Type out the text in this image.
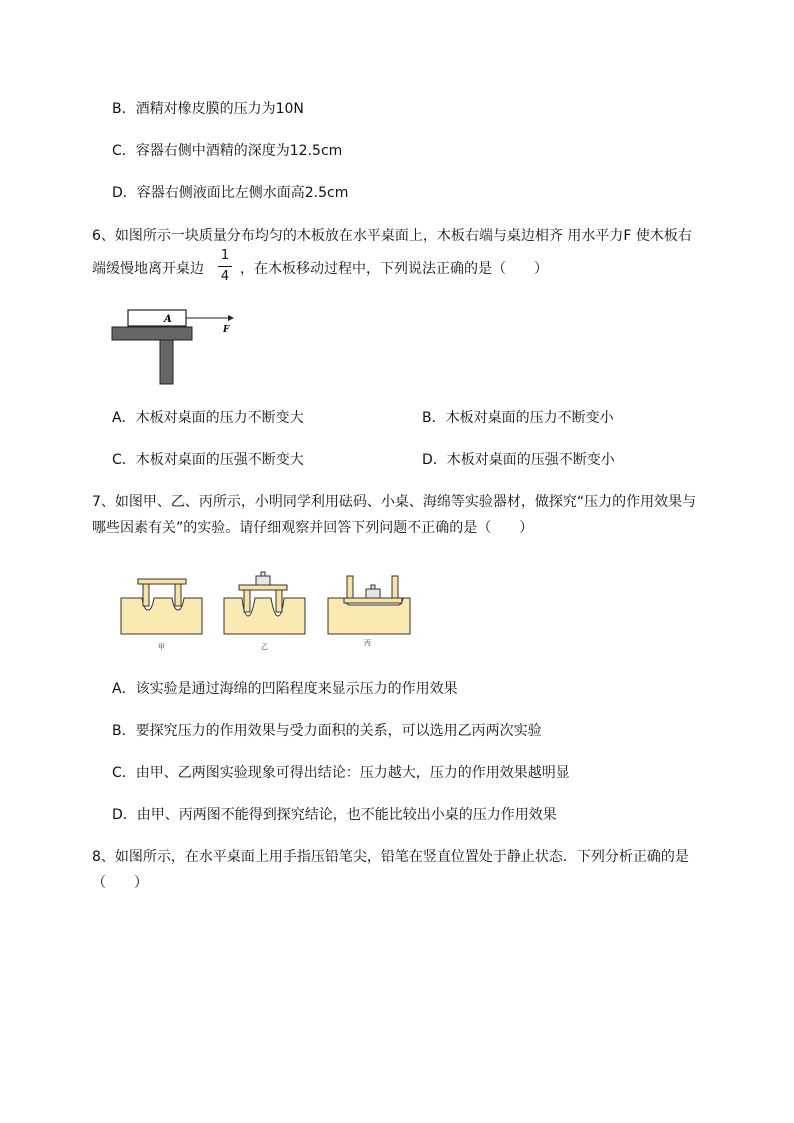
B．酒精对橡皮膜的压力为10N
C．容器右侧中酒精的深度为12.5cm
D．容器右侧液面比左侧水面高2.5cm
6、如图所示一块质量分布均匀的木板放在水平桌面上，木板右端与桌边相齐 用水平力F 使木板右
端缓慢地离开桌边
1
4 ，在木板移动过程中，下列说法正确的是（　　）
A
F
A．木板对桌面的压力不断变大	B．木板对桌面的压力不断变小
C．木板对桌面的压强不断变大	D．木板对桌面的压强不断变小
7、如图甲、乙、丙所示，小明同学利用砝码、小桌、海绵等实验器材，做探究“压力的作用效果与
哪些因素有关”的实验。请仔细观察并回答下列问题不正确的是（　　）
甲	乙	丙
A．该实验是通过海绵的凹陷程度来显示压力的作用效果
B．要探究压力的作用效果与受力面积的关系，可以选用乙丙两次实验
C．由甲、乙两图实验现象可得出结论：压力越大，压力的作用效果越明显
D．由甲、丙两图不能得到探究结论，也不能比较出小桌的压力作用效果
8、如图所示，在水平桌面上用手指压铅笔尖，铅笔在竖直位置处于静止状态．下列分析正确的是
（　　）
